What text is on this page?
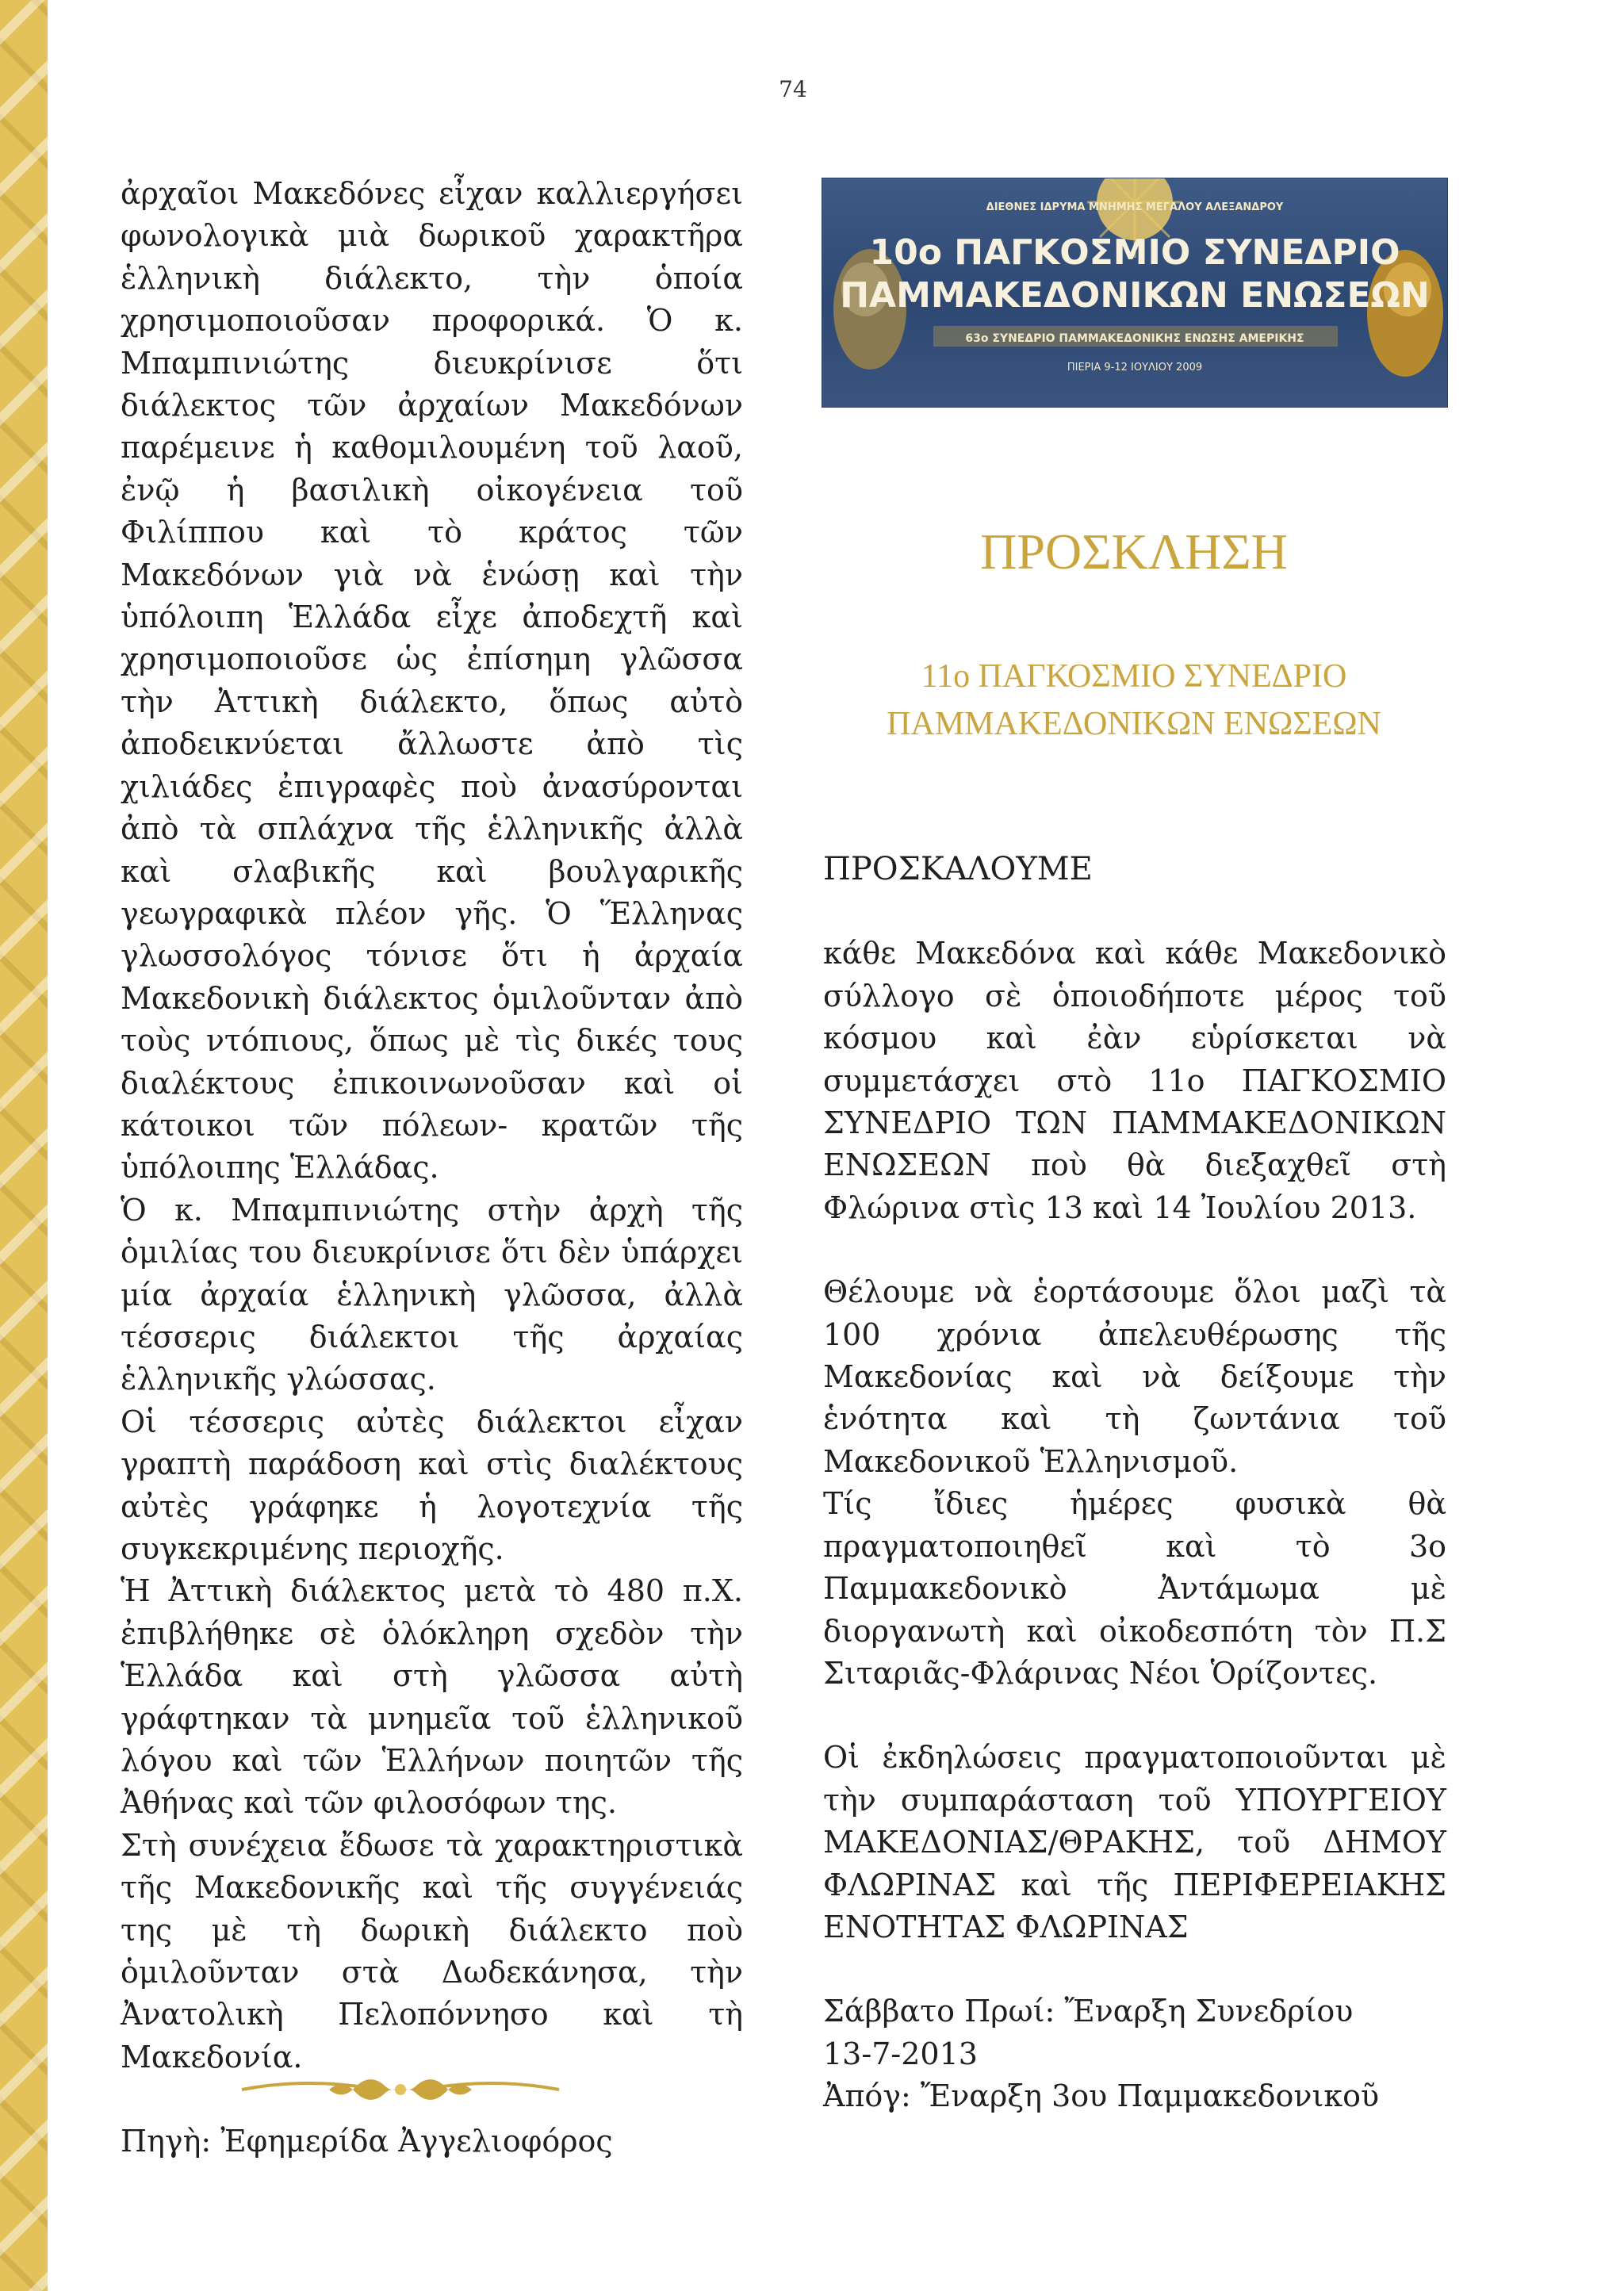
74

ἀρχαῖοι Μακεδόνες εἶχαν καλλιεργήσει φωνολογικὰ μιὰ δωρικοῦ χαρακτῆρα ἑλληνικὴ διάλεκτο, τὴν ὁποία χρησιμοποιοῦσαν προφορικά. Ὁ κ. Μπαμπινιώτης διευκρίνισε ὅτι διάλεκτος τῶν ἀρχαίων Μακεδόνων παρέμεινε ἡ καθομιλουμένη τοῦ λαοῦ, ἐνῷ ἡ βασιλικὴ οἰκογένεια τοῦ Φιλίππου καὶ τὸ κράτος τῶν Μακεδόνων γιὰ νὰ ἑνώσῃ καὶ τὴν ὑπόλοιπη Ἑλλάδα εἶχε ἀποδεχτῆ καὶ χρησιμοποιοῦσε ὡς ἐπίσημη γλῶσσα τὴν Ἀττικὴ διάλεκτο, ὅπως αὐτὸ ἀποδεικνύεται ἄλλωστε ἀπὸ τὶς χιλιάδες ἐπιγραφὲς ποὺ ἀνασύρονται ἀπὸ τὰ σπλάχνα τῆς ἑλληνικῆς ἀλλὰ καὶ σλαβικῆς καὶ βουλγαρικῆς γεωγραφικὰ πλέον γῆς. Ὁ Ἕλληνας γλωσσολόγος τόνισε ὅτι ἡ ἀρχαία Μακεδονικὴ διάλεκτος ὁμιλοῦνταν ἀπὸ τοὺς ντόπιους, ὅπως μὲ τὶς δικές τους διαλέκτους ἐπικοινωνοῦσαν καὶ οἱ κάτοικοι τῶν πόλεων- κρατῶν τῆς ὑπόλοιπης Ἑλλάδας.

Ὁ κ. Μπαμπινιώτης στὴν ἀρχὴ τῆς ὁμιλίας του διευκρίνισε ὅτι δὲν ὑπάρχει μία ἀρχαία ἑλληνικὴ γλῶσσα, ἀλλὰ τέσσερις διάλεκτοι τῆς ἀρχαίας ἑλληνικῆς γλώσσας.

Οἱ τέσσερις αὐτὲς διάλεκτοι εἶχαν γραπτὴ παράδοση καὶ στὶς διαλέκτους αὐτὲς γράφηκε ἡ λογοτεχνία τῆς συγκεκριμένης περιοχῆς.

Ἡ Ἀττικὴ διάλεκτος μετὰ τὸ 480 π.Χ. ἐπιβλήθηκε σὲ ὁλόκληρη σχεδὸν τὴν Ἑλλάδα καὶ στὴ γλῶσσα αὐτὴ γράφτηκαν τὰ μνημεῖα τοῦ ἑλληνικοῦ λόγου καὶ τῶν Ἑλλήνων ποιητῶν τῆς Ἀθήνας καὶ τῶν φιλοσόφων της.

Στὴ συνέχεια ἔδωσε τὰ χαρακτηριστικὰ τῆς Μακεδονικῆς καὶ τῆς συγγένειάς της μὲ τὴ δωρικὴ διάλεκτο ποὺ ὁμιλοῦνταν στὰ Δωδεκάνησα, τὴν Ἀνατολικὴ Πελοπόννησο καὶ τὴ Μακεδονία.

Πηγὴ: Ἐφημερίδα Ἀγγελιοφόρος

ΔΙΕΘΝΕΣ ΙΔΡΥΜΑ ΜΝΗΜΗΣ ΜΕΓΑΛΟΥ ΑΛΕΞΑΝΔΡΟΥ
10ο ΠΑΓΚΟΣΜΙΟ ΣΥΝΕΔΡΙΟ
ΠΑΜΜΑΚΕΔΟΝΙΚΩΝ ΕΝΩΣΕΩΝ
63ο ΣΥΝΕΔΡΙΟ ΠΑΜΜΑΚΕΔΟΝΙΚΗΣ ΕΝΩΣΗΣ ΑΜΕΡΙΚΗΣ
ΠΙΕΡΙΑ 9-12 ΙΟΥΛΙΟΥ 2009
ΠΡΟΣΚΛΗΣΗ
11ο ΠΑΓΚΟΣΜΙΟ ΣΥΝΕΔΡΙΟ
ΠΑΜΜΑΚΕΔΟΝΙΚΩΝ ΕΝΩΣΕΩΝ

ΠΡΟΣΚΑΛΟΥΜΕ

κάθε Μακεδόνα καὶ κάθε Μακεδονικὸ σύλλογο σὲ ὁποιοδήποτε μέρος τοῦ κόσμου καὶ ἐὰν εὑρίσκεται νὰ συμμετάσχει στὸ 11ο ΠΑΓΚΟΣΜΙΟ ΣΥΝΕΔΡΙΟ ΤΩΝ ΠΑΜΜΑΚΕΔΟΝΙΚΩΝ ΕΝΩΣΕΩΝ ποὺ θὰ διεξαχθεῖ στὴ Φλώρινα στὶς 13 καὶ 14 Ἰουλίου 2013.

Θέλουμε νὰ ἑορτάσουμε ὅλοι μαζὶ τὰ 100 χρόνια ἀπελευθέρωσης τῆς Μακεδονίας καὶ νὰ δείξουμε τὴν ἑνότητα καὶ τὴ ζωντάνια τοῦ Μακεδονικοῦ Ἑλληνισμοῦ.

Τίς ἴδιες ἡμέρες φυσικὰ θὰ πραγματοποιηθεῖ καὶ τὸ 3ο Παμμακεδονικὸ Ἀντάμωμα μὲ διοργανωτὴ καὶ οἰκοδεσπότη τὸν Π.Σ Σιταριᾶς-Φλάρινας Νέοι Ὁρίζοντες.

Οἱ ἐκδηλώσεις πραγματοποιοῦνται μὲ τὴν συμπαράσταση τοῦ ΥΠΟΥΡΓΕΙΟΥ ΜΑΚΕΔΟΝΙΑΣ/ΘΡΑΚΗΣ, τοῦ ΔΗΜΟΥ ΦΛΩΡΙΝΑΣ καὶ τῆς ΠΕΡΙΦΕΡΕΙΑΚΗΣ ΕΝΟΤΗΤΑΣ ΦΛΩΡΙΝΑΣ

Σάββατο Πρωί: Ἔναρξη Συνεδρίου

13-7-2013

Ἀπόγ: Ἔναρξη 3ου Παμμακεδονικοῦ
